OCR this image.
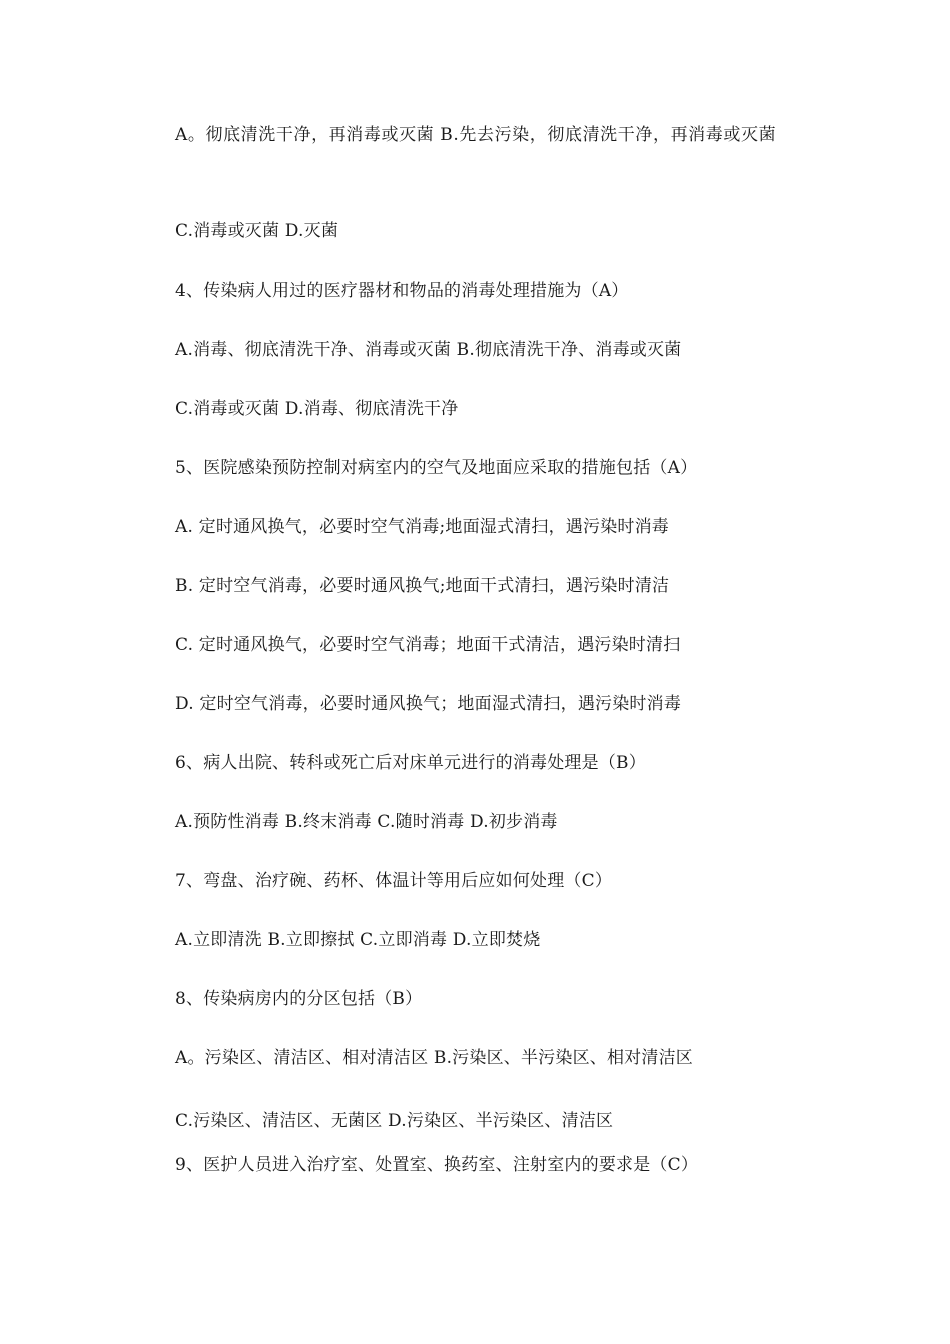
A。彻底清洗干净，再消毒或灭菌 B.先去污染，彻底清洗干净，再消毒或灭菌
C.消毒或灭菌 D.灭菌
4、传染病人用过的医疗器材和物品的消毒处理措施为（A）
A.消毒、彻底清洗干净、消毒或灭菌 B.彻底清洗干净、消毒或灭菌
C.消毒或灭菌 D.消毒、彻底清洗干净
5、医院感染预防控制对病室内的空气及地面应采取的措施包括（A）
A. 定时通风换气，必要时空气消毒;地面湿式清扫，遇污染时消毒
B. 定时空气消毒，必要时通风换气;地面干式清扫，遇污染时清洁
C. 定时通风换气，必要时空气消毒；地面干式清洁，遇污染时清扫
D. 定时空气消毒，必要时通风换气；地面湿式清扫，遇污染时消毒
6、病人出院、转科或死亡后对床单元进行的消毒处理是（B）
A.预防性消毒 B.终末消毒 C.随时消毒 D.初步消毒
7、弯盘、治疗碗、药杯、体温计等用后应如何处理（C）
A.立即清洗 B.立即擦拭 C.立即消毒 D.立即焚烧
8、传染病房内的分区包括（B）
A。污染区、清洁区、相对清洁区 B.污染区、半污染区、相对清洁区
C.污染区、清洁区、无菌区 D.污染区、半污染区、清洁区
9、医护人员进入治疗室、处置室、换药室、注射室内的要求是（C）
